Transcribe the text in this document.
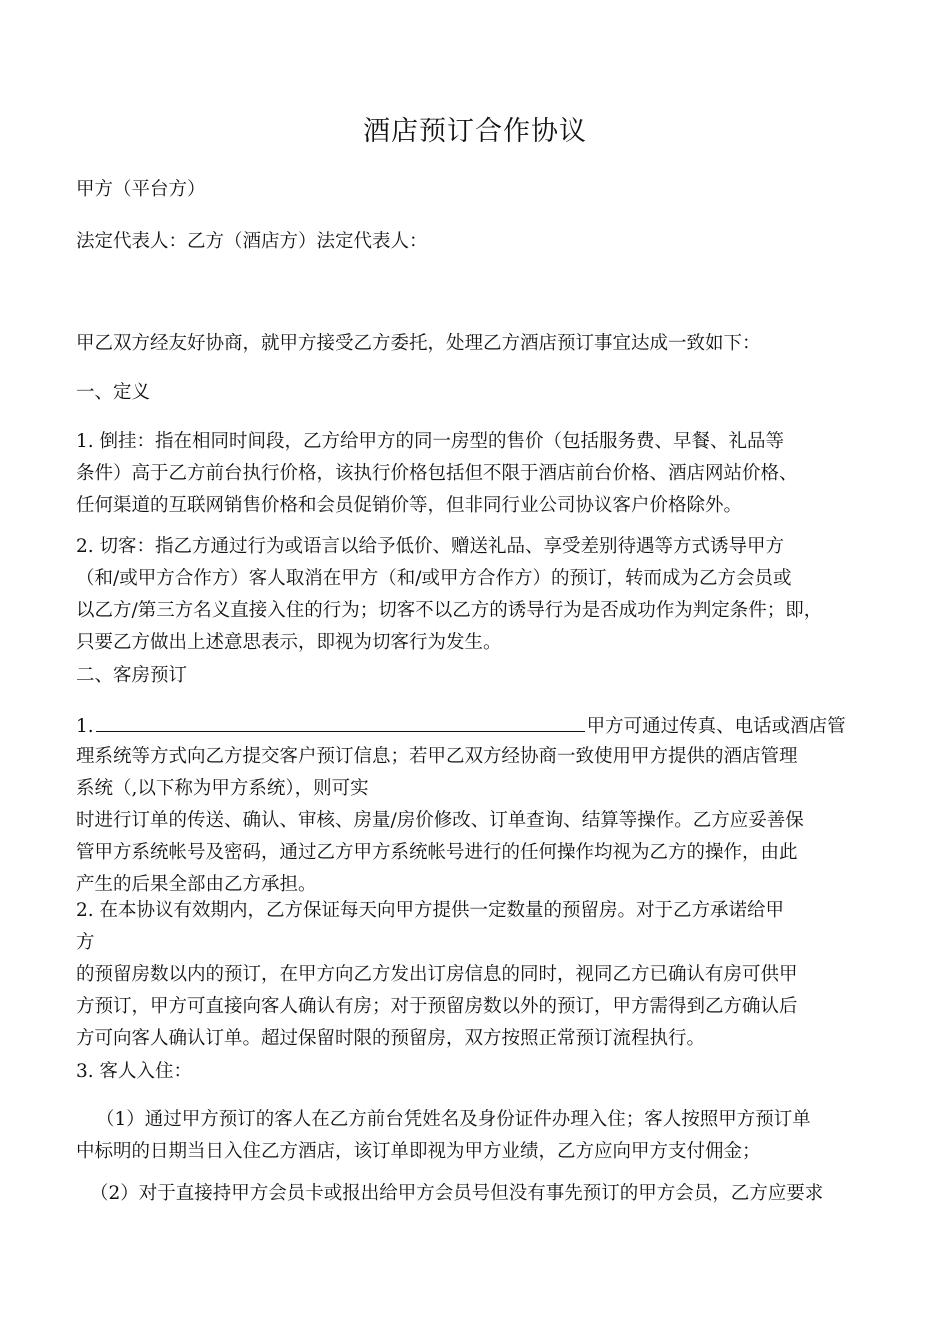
酒店预订合作协议
甲方（平台方）
法定代表人：乙方（酒店方）法定代表人：
甲乙双方经友好协商，就甲方接受乙方委托，处理乙方酒店预订事宜达成一致如下：
一、定义
1. 倒挂：指在相同时间段，乙方给甲方的同一房型的售价（包括服务费、早餐、礼品等
条件）高于乙方前台执行价格，该执行价格包括但不限于酒店前台价格、酒店网站价格、
任何渠道的互联网销售价格和会员促销价等，但非同行业公司协议客户价格除外。
2. 切客：指乙方通过行为或语言以给予低价、赠送礼品、享受差别待遇等方式诱导甲方
（和/或甲方合作方）客人取消在甲方（和/或甲方合作方）的预订，转而成为乙方会员或
以乙方/第三方名义直接入住的行为；切客不以乙方的诱导行为是否成功作为判定条件；即，
只要乙方做出上述意思表示，即视为切客行为发生。
二、客房预订
1.	甲方可通过传真、电话或酒店管
理系统等方式向乙方提交客户预订信息；若甲乙双方经协商一致使用甲方提供的酒店管理
系统（,以下称为甲方系统），则可实
时进行订单的传送、确认、审核、房量/房价修改、订单查询、结算等操作。乙方应妥善保
管甲方系统帐号及密码，通过乙方甲方系统帐号进行的任何操作均视为乙方的操作，由此
产生的后果全部由乙方承担。
2. 在本协议有效期内，乙方保证每天向甲方提供一定数量的预留房。对于乙方承诺给甲
方
的预留房数以内的预订，在甲方向乙方发出订房信息的同时，视同乙方已确认有房可供甲
方预订，甲方可直接向客人确认有房；对于预留房数以外的预订，甲方需得到乙方确认后
方可向客人确认订单。超过保留时限的预留房，双方按照正常预订流程执行。
3. 客人入住：
（1）通过甲方预订的客人在乙方前台凭姓名及身份证件办理入住；客人按照甲方预订单
中标明的日期当日入住乙方酒店，该订单即视为甲方业绩，乙方应向甲方支付佣金；
（2）对于直接持甲方会员卡或报出给甲方会员号但没有事先预订的甲方会员，乙方应要求
